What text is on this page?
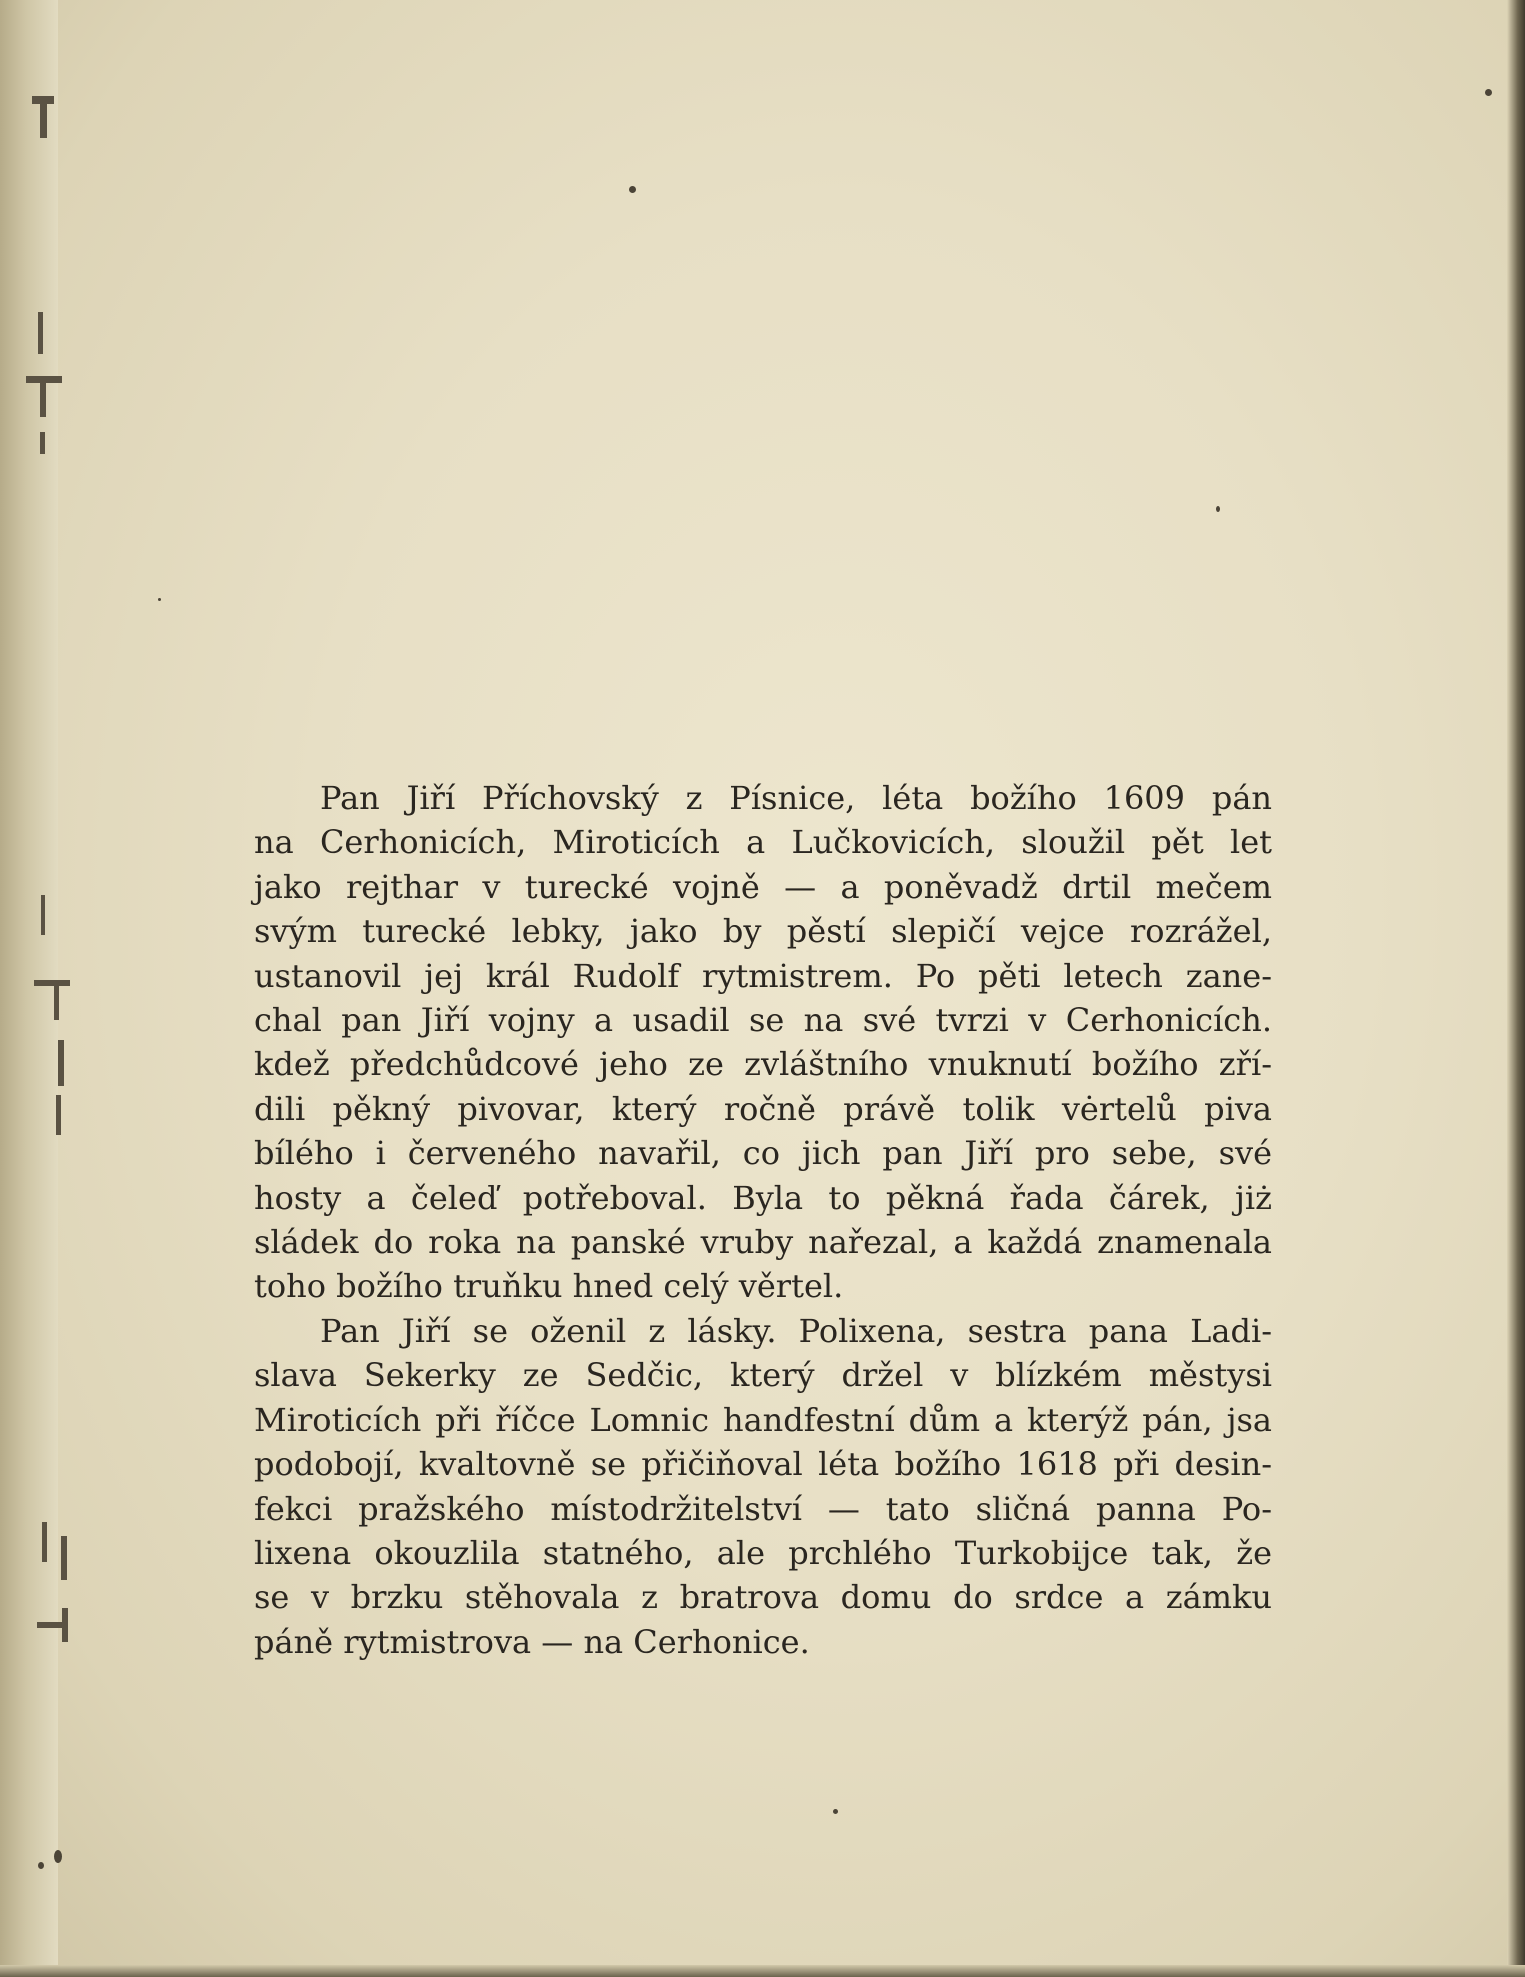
Pan Jiří Příchovský z Písnice, léta božího 1609 pán
na Cerhonicích, Miroticích a Lučkovicích, sloužil pět let
jako rejthar v turecké vojně — a poněvadž drtil mečem
svým turecké lebky, jako by pěstí slepičí vejce rozrážel,
ustanovil jej král Rudolf rytmistrem. Po pěti letech zane-
chal pan Jiří vojny a usadil se na své tvrzi v Cerhonicích.
kdež předchůdcové jeho ze zvláštního vnuknutí božího zří-
dili pěkný pivovar, který ročně právě tolik vėrtelů piva
bílého i červeného navařil, co jich pan Jiří pro sebe, své
hosty a čeleď potřeboval. Byla to pěkná řada čárek, jiż
sládek do roka na panské vruby nařezal, a každá znamenala
toho božího truňku hned celý věrtel.
Pan Jiří se oženil z lásky. Polixena, sestra pana Ladi-
slava Sekerky ze Sedčic, který držel v blízkém městysi
Miroticích při říčce Lomnic handfestní dům a kterýž pán, jsa
podobojí, kvaltovně se přičiňoval léta božího 1618 při desin-
fekci pražského místodržitelství — tato sličná panna Po-
lixena okouzlila statného, ale prchlého Turkobijce tak, že
se v brzku stěhovala z bratrova domu do srdce a zámku
páně rytmistrova — na Cerhonice.
